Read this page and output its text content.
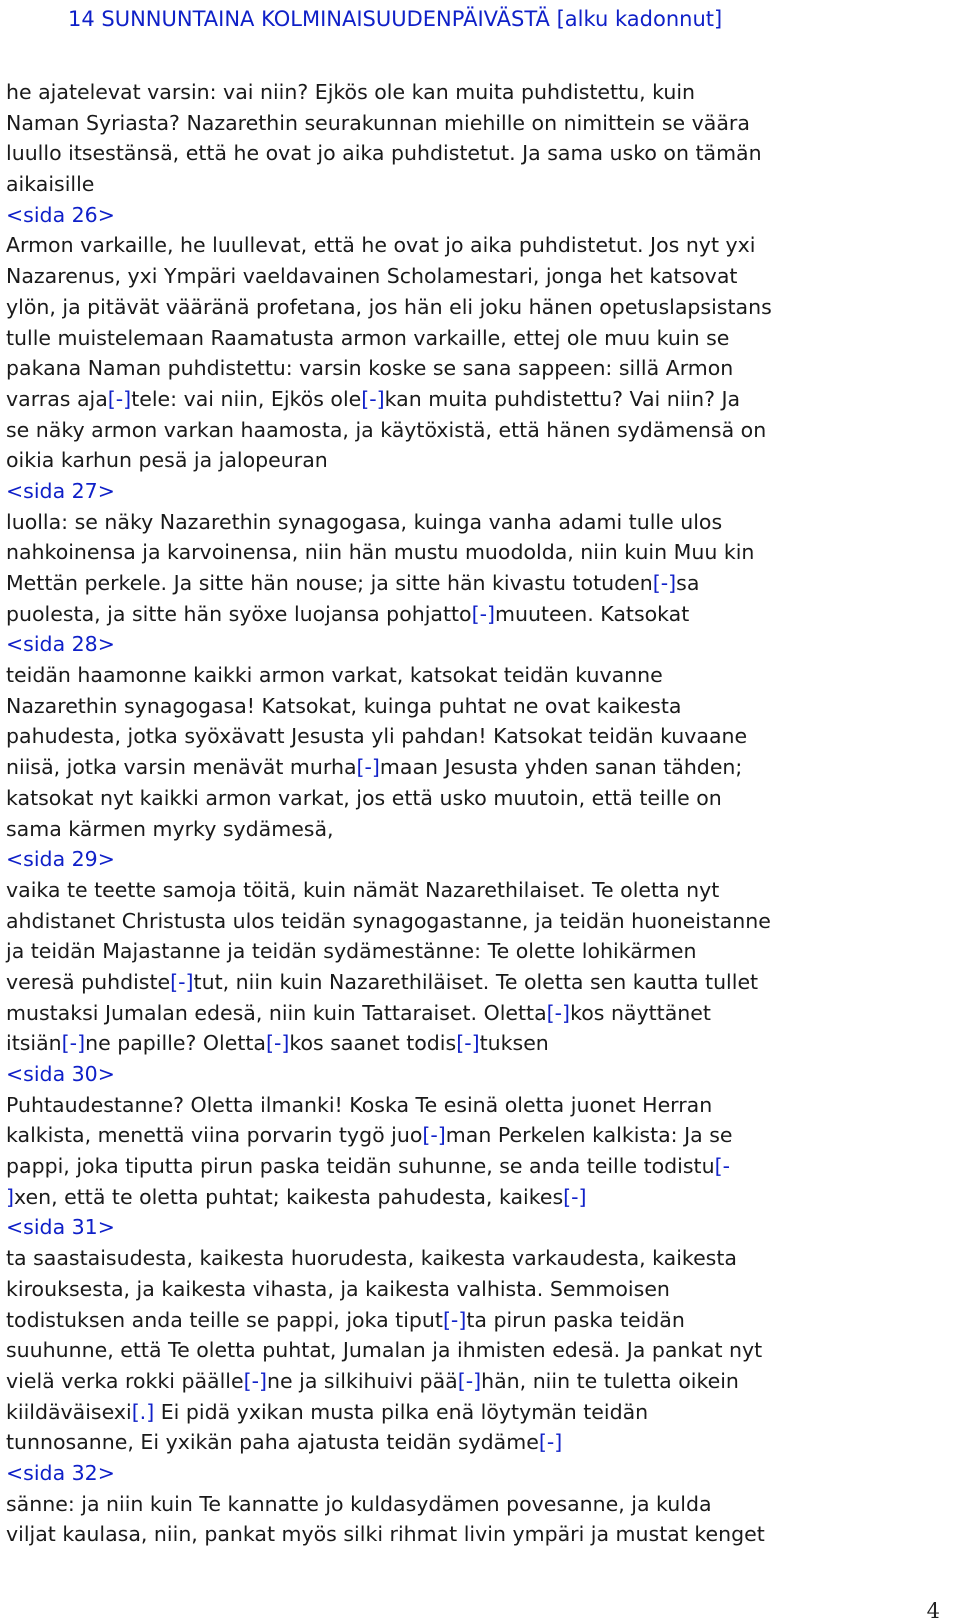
14 SUNNUNTAINA KOLMINAISUUDENPÄIVÄSTÄ [alku kadonnut]
he ajatelevat varsin: vai niin? Ejkös ole kan muita puhdistettu, kuin
Naman Syriasta? Nazarethin seurakunnan miehille on nimittein se väära
luullo itsestänsä, että he ovat jo aika puhdistetut. Ja sama usko on tämän
aikaisille
<sida 26>
Armon varkaille, he luullevat, että he ovat jo aika puhdistetut. Jos nyt yxi
Nazarenus, yxi Ympäri vaeldavainen Scholamestari, jonga het katsovat
ylön, ja pitävät vääränä profetana, jos hän eli joku hänen opetuslapsistans
tulle muistelemaan Raamatusta armon varkaille, ettej ole muu kuin se
pakana Naman puhdistettu: varsin koske se sana sappeen: sillä Armon
varras aja[-]tele: vai niin, Ejkös ole[-]kan muita puhdistettu? Vai niin? Ja
se näky armon varkan haamosta, ja käytöxistä, että hänen sydämensä on
oikia karhun pesä ja jalopeuran
<sida 27>
luolla: se näky Nazarethin synagogasa, kuinga vanha adami tulle ulos
nahkoinensa ja karvoinensa, niin hän mustu muodolda, niin kuin Muu kin
Mettän perkele. Ja sitte hän nouse; ja sitte hän kivastu totuden[-]sa
puolesta, ja sitte hän syöxe luojansa pohjatto[-]muuteen. Katsokat
<sida 28>
teidän haamonne kaikki armon varkat, katsokat teidän kuvanne
Nazarethin synagogasa! Katsokat, kuinga puhtat ne ovat kaikesta
pahudesta, jotka syöxävatt Jesusta yli pahdan! Katsokat teidän kuvaane
niisä, jotka varsin menävät murha[-]maan Jesusta yhden sanan tähden;
katsokat nyt kaikki armon varkat, jos että usko muutoin, että teille on
sama kärmen myrky sydämesä,
<sida 29>
vaika te teette samoja töitä, kuin nämät Nazarethilaiset. Te oletta nyt
ahdistanet Christusta ulos teidän synagogastanne, ja teidän huoneistanne
ja teidän Majastanne ja teidän sydämestänne: Te olette lohikärmen
veresä puhdiste[-]tut, niin kuin Nazarethiläiset. Te oletta sen kautta tullet
mustaksi Jumalan edesä, niin kuin Tattaraiset. Oletta[-]kos näyttänet
itsiän[-]ne papille? Oletta[-]kos saanet todis[-]tuksen
<sida 30>
Puhtaudestanne? Oletta ilmanki! Koska Te esinä oletta juonet Herran
kalkista, menettä viina porvarin tygö juo[-]man Perkelen kalkista: Ja se
pappi, joka tiputta pirun paska teidän suhunne, se anda teille todistu[-
]xen, että te oletta puhtat; kaikesta pahudesta, kaikes[-]
<sida 31>
ta saastaisudesta, kaikesta huorudesta, kaikesta varkaudesta, kaikesta
kirouksesta, ja kaikesta vihasta, ja kaikesta valhista. Semmoisen
todistuksen anda teille se pappi, joka tiput[-]ta pirun paska teidän
suuhunne, että Te oletta puhtat, Jumalan ja ihmisten edesä. Ja pankat nyt
vielä verka rokki päälle[-]ne ja silkihuivi pää[-]hän, niin te tuletta oikein
kiildäväisexi[.] Ei pidä yxikan musta pilka enä löytymän teidän
tunnosanne, Ei yxikän paha ajatusta teidän sydäme[-]
<sida 32>
sänne: ja niin kuin Te kannatte jo kuldasydämen povesanne, ja kulda
viljat kaulasa, niin, pankat myös silki rihmat livin ympäri ja mustat kenget
4
